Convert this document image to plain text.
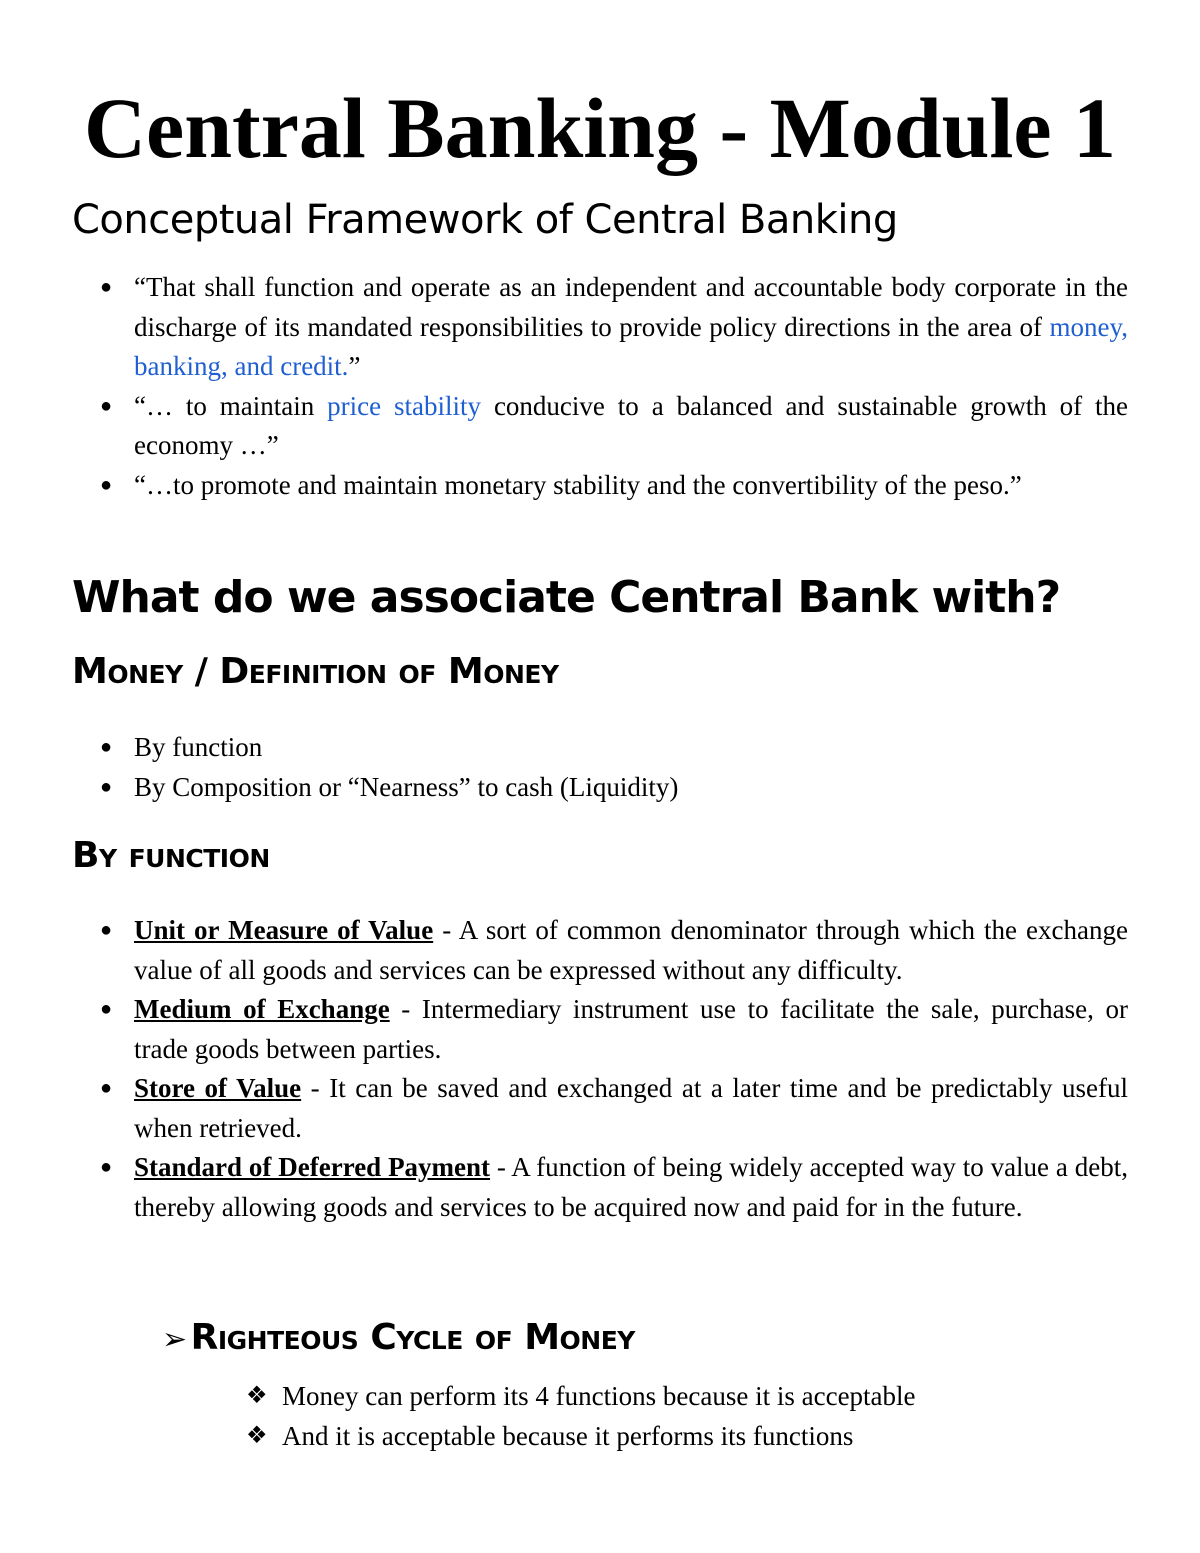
Central Banking - Module 1
Conceptual Framework of Central Banking
● “That shall function and operate as an independent and accountable body corporate in the discharge of its mandated responsibilities to provide policy directions in the area of money, banking, and credit.”
● “… to maintain price stability conducive to a balanced and sustainable growth of the economy …”
● “…to promote and maintain monetary stability and the convertibility of the peso.”
What do we associate Central Bank with?
Money / Definition of Money
● By function
● By Composition or “Nearness” to cash (Liquidity)
By function
● Unit or Measure of Value - A sort of common denominator through which the exchange value of all goods and services can be expressed without any difficulty.
● Medium of Exchange - Intermediary instrument use to facilitate the sale, purchase, or trade goods between parties.
● Store of Value - It can be saved and exchanged at a later time and be predictably useful when retrieved.
● Standard of Deferred Payment - A function of being widely accepted way to value a debt, thereby allowing goods and services to be acquired now and paid for in the future.
➢ Righteous Cycle of Money
❖ Money can perform its 4 functions because it is acceptable
❖ And it is acceptable because it performs its functions
